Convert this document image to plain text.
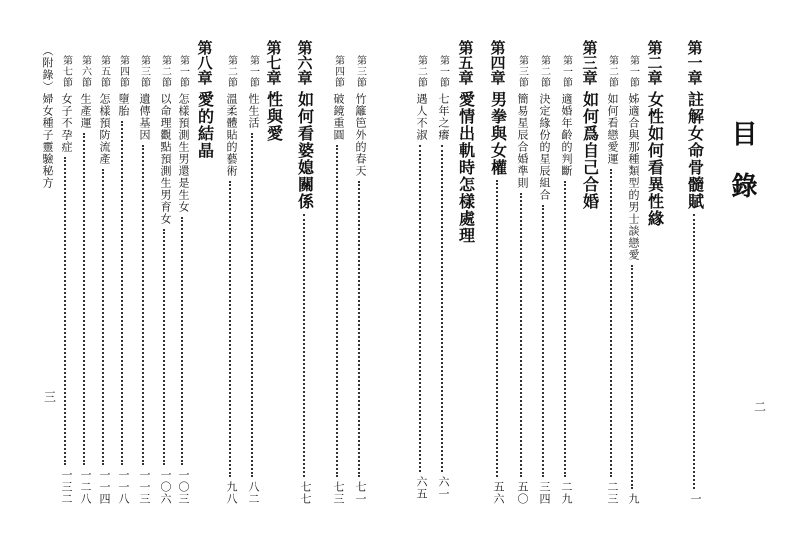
目錄
二
三
第一章
註解女命骨髓賦
一
第二章
女性如何看異性緣
第一節
姊適合與那種類型的男士談戀愛
九
第二節
如何看戀愛運
二三
第三章
如何爲自己合婚
第一節
適婚年齡的判斷
二九
第二節
決定緣份的星辰組合
三四
第三節
簡易星辰合婚準則
五〇
第四章
男拳與女權
五六
第五章
愛情出軌時怎樣處理
第一節
七年之癢
六一
第二節
遇人不淑
六五
第三節
竹籬笆外的春天
七一
第四節
破鏡重圓
七三
第六章
如何看婆媳關係
七七
第七章
性與愛
第一節
性生活
八二
第二節
溫柔體貼的藝術
九八
第八章
愛的結晶
第一節
怎樣預測生男還是生女
一〇三
第二節
以命理觀點預測生男育女
一〇六
第三節
遺傳基因
一一三
第四節
墮胎
一一八
第五節
怎樣預防流產
一一四
第六節
生產運
一二八
第七節
女子不孕症
一三二
（附錄）婦女種子靈驗秘方
